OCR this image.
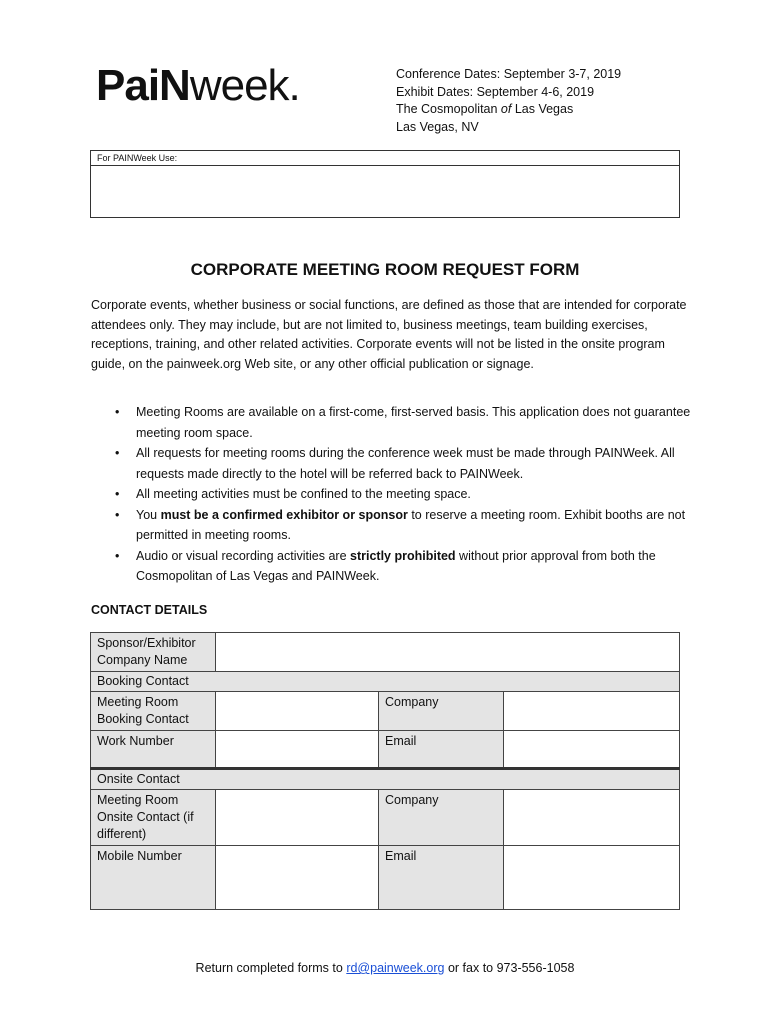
PaiNweek.	Conference Dates: September 3-7, 2019
Exhibit Dates: September 4-6, 2019
The Cosmopolitan of Las Vegas
Las Vegas, NV
For PAINWeek Use:
CORPORATE MEETING ROOM REQUEST FORM
Corporate events, whether business or social functions, are defined as those that are intended for corporate attendees only. They may include, but are not limited to, business meetings, team building exercises, receptions, training, and other related activities. Corporate events will not be listed in the onsite program guide, on the painweek.org Web site, or any other official publication or signage.
• Meeting Rooms are available on a first-come, first-served basis. This application does not guarantee meeting room space.
• All requests for meeting rooms during the conference week must be made through PAINWeek. All requests made directly to the hotel will be referred back to PAINWeek.
• All meeting activities must be confined to the meeting space.
• You must be a confirmed exhibitor or sponsor to reserve a meeting room. Exhibit booths are not permitted in meeting rooms.
• Audio or visual recording activities are strictly prohibited without prior approval from both the Cosmopolitan of Las Vegas and PAINWeek.
CONTACT DETAILS
Sponsor/Exhibitor Company Name			
Booking Contact			
Meeting Room Booking Contact		Company	
Work Number		Email	
Onsite Contact			
Meeting Room Onsite Contact (if different)		Company	
Mobile Number		Email	
Return completed forms to rd@painweek.org or fax to 973-556-1058
